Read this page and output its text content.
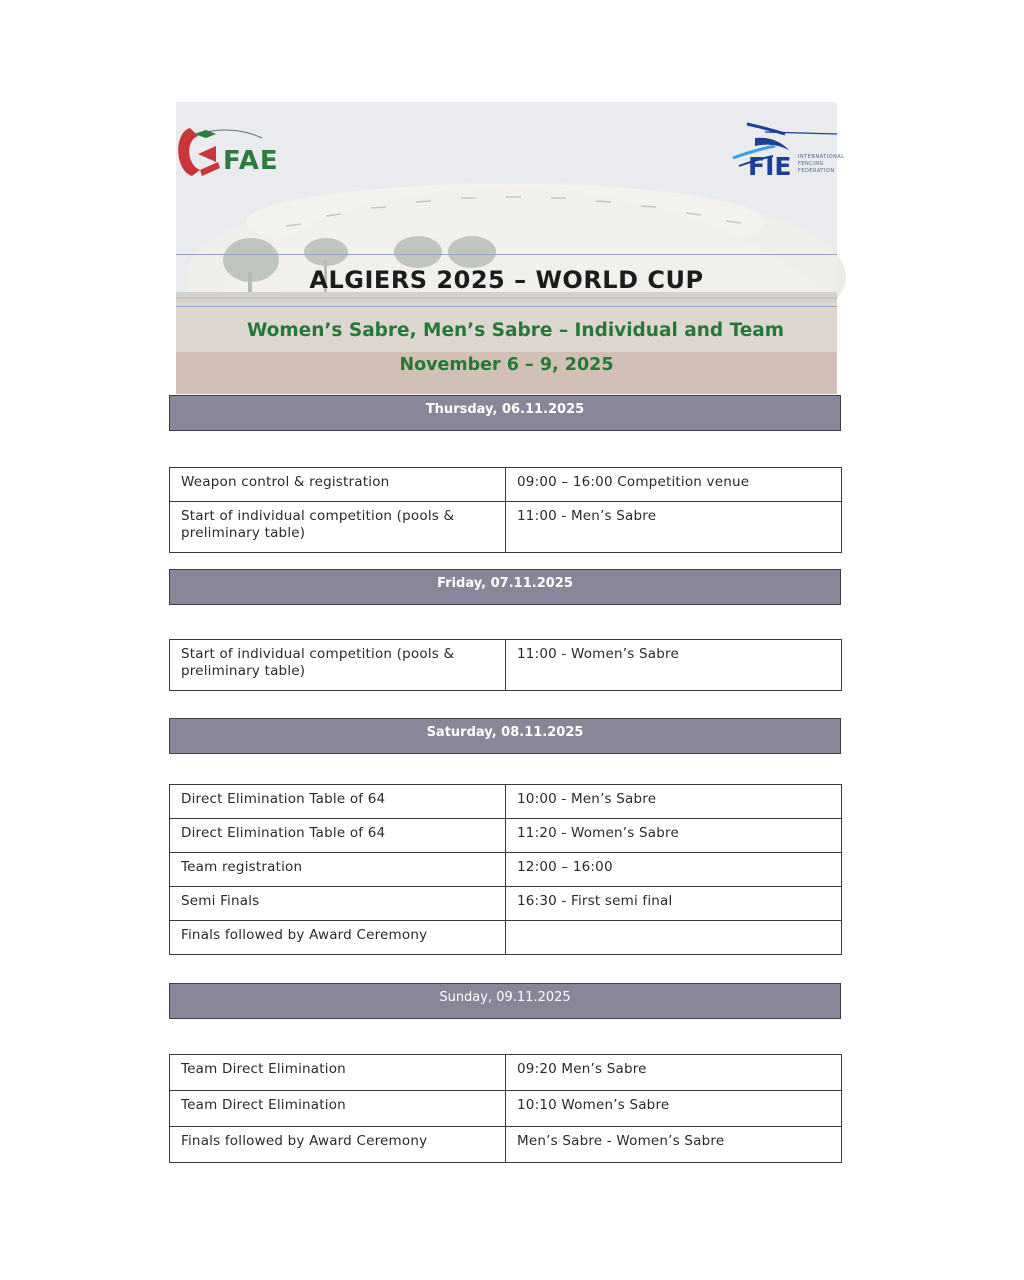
FAE	FIE INTERNATIONAL
FENCING
FEDERATION
ALGIERS 2025 – WORLD CUP
Women’s Sabre, Men’s Sabre – Individual and Team
November 6 – 9, 2025
Thursday, 06.11.2025
Weapon control & registration	09:00 – 16:00 Competition venue
Start of individual competition (pools & preliminary table)	11:00 - Men’s Sabre
Friday, 07.11.2025
Start of individual competition (pools & preliminary table)	11:00 - Women’s Sabre
Saturday, 08.11.2025
Direct Elimination Table of 64	10:00 - Men’s Sabre
Direct Elimination Table of 64	11:20 - Women’s Sabre
Team registration	12:00 – 16:00
Semi Finals	16:30 - First semi final
Finals followed by Award Ceremony	
Sunday, 09.11.2025
Team Direct Elimination	09:20 Men’s Sabre
Team Direct Elimination	10:10 Women’s Sabre
Finals followed by Award Ceremony	Men’s Sabre - Women’s Sabre
